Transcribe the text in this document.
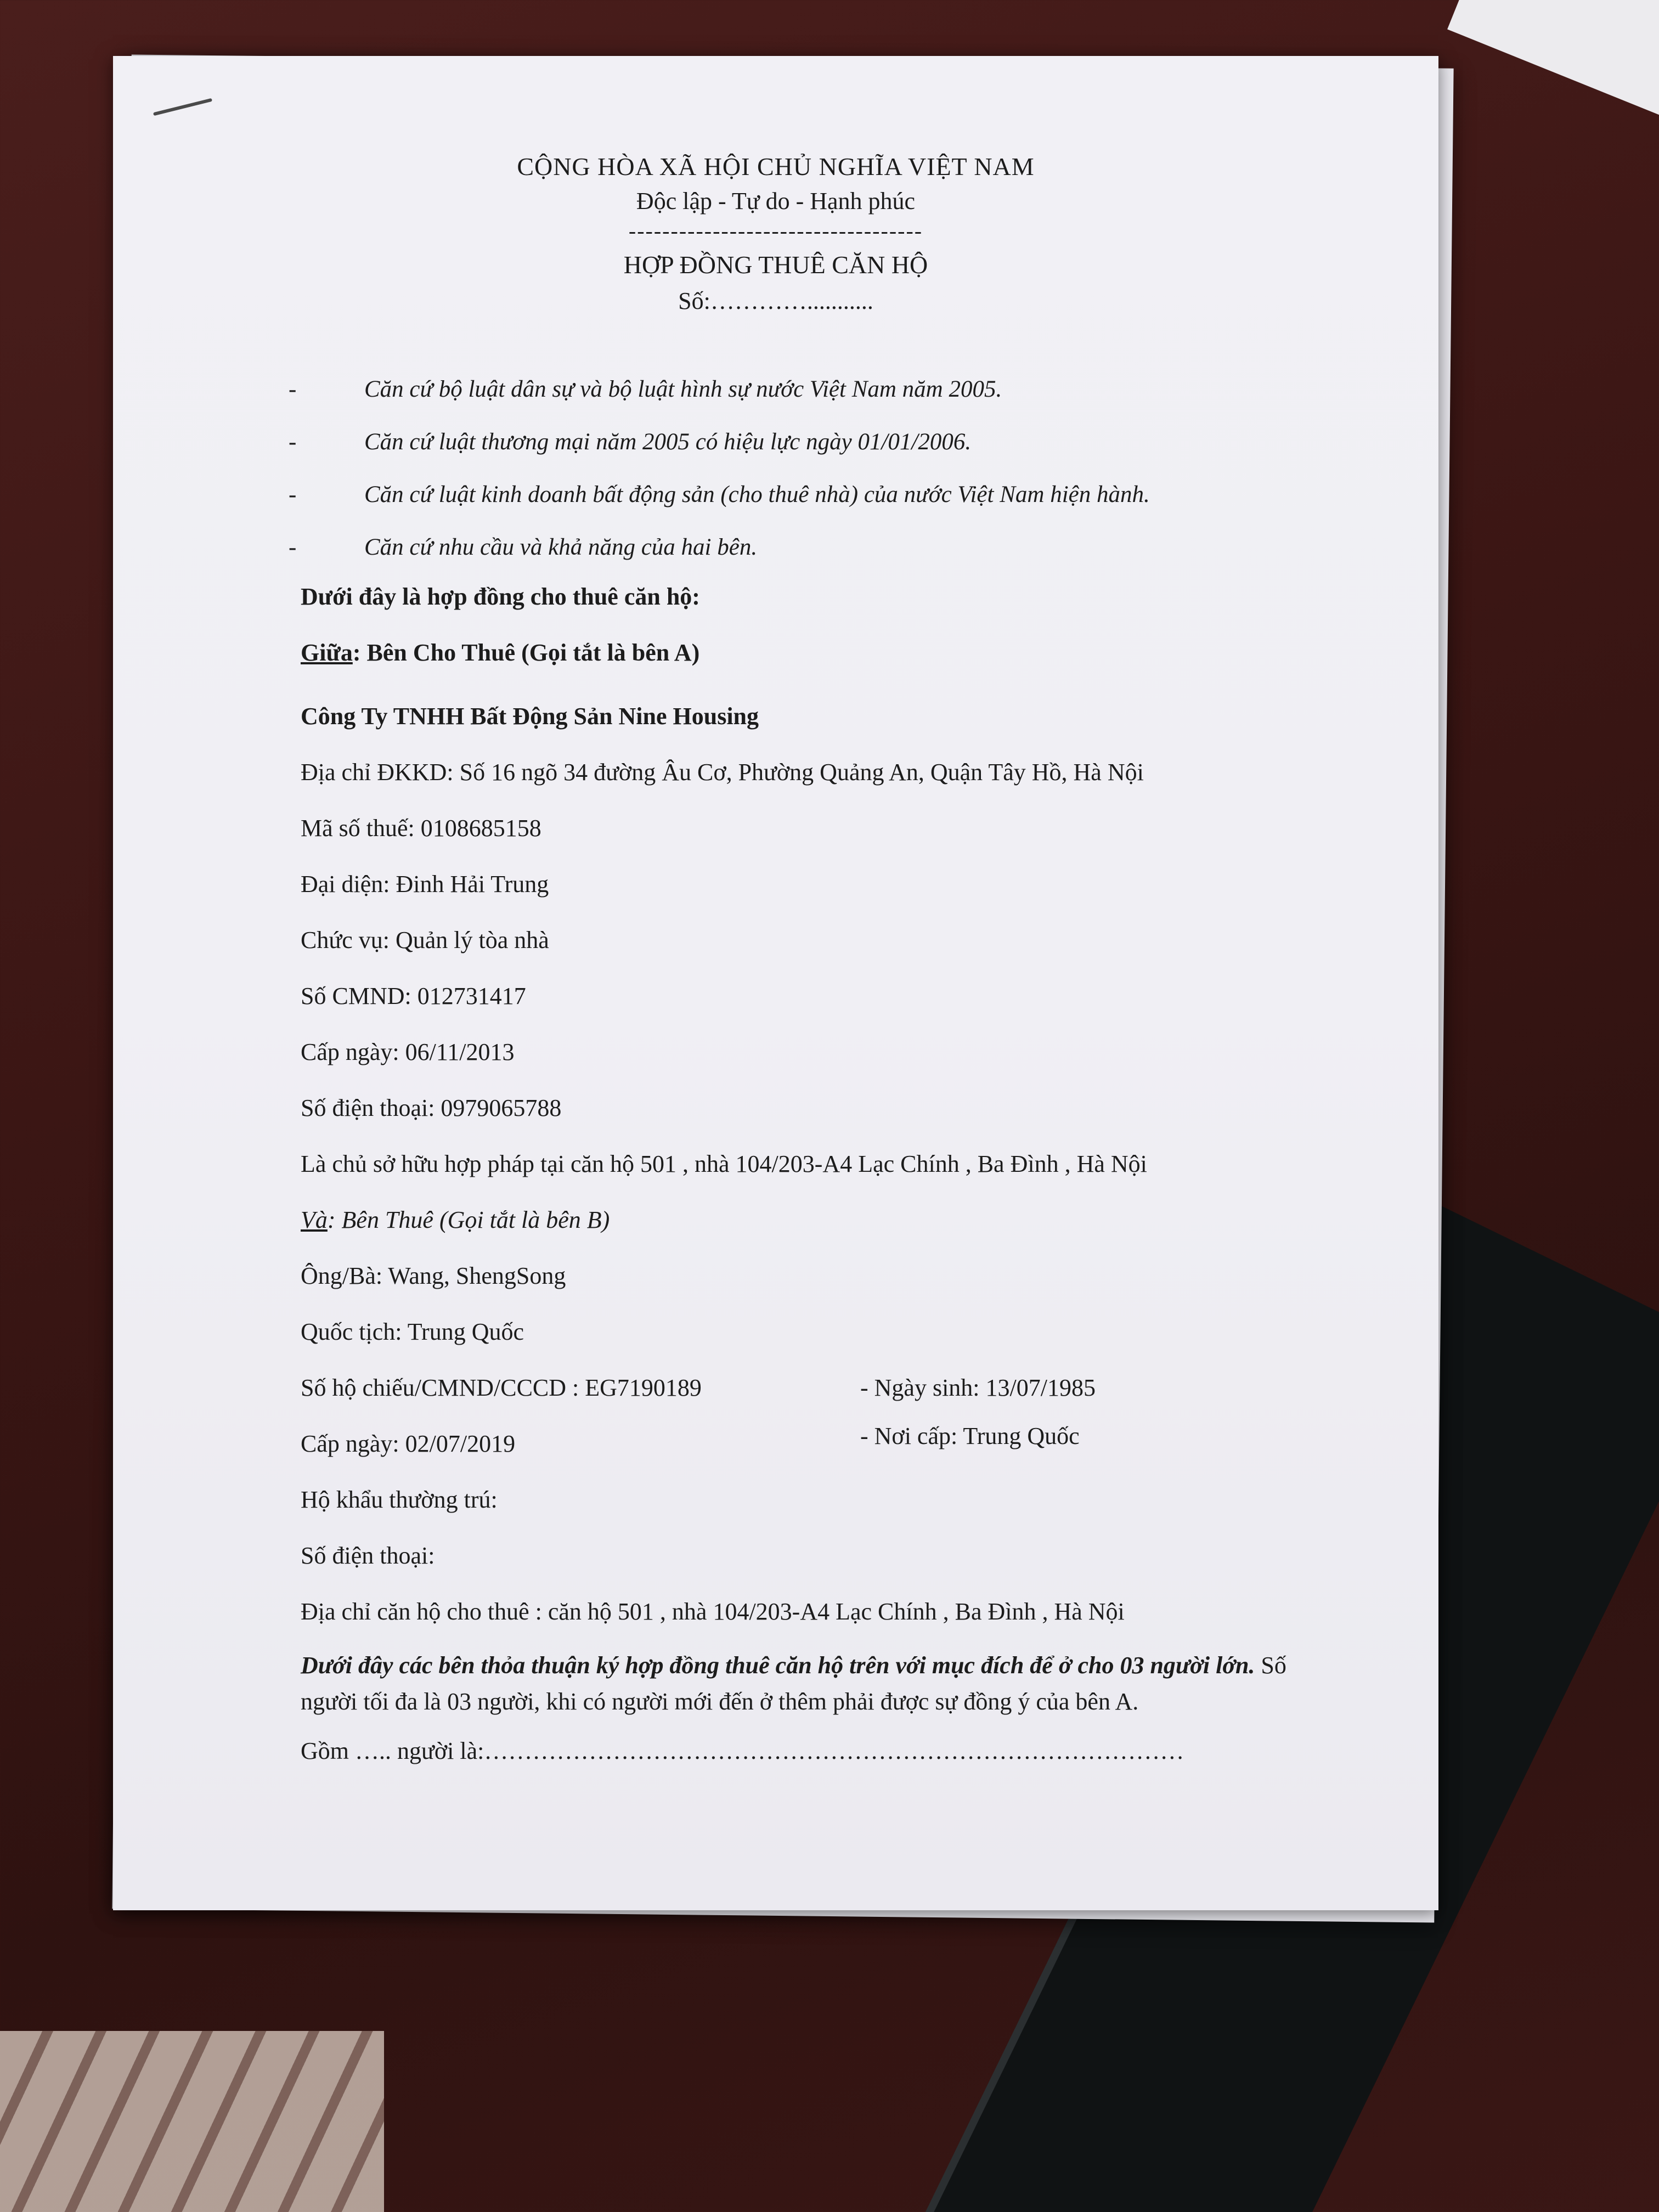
CỘNG HÒA XÃ HỘI CHỦ NGHĨA VIỆT NAM

Độc lập - Tự do - Hạnh phúc

-----------------------------------

HỢP ĐỒNG THUÊ CĂN HỘ

Số:…………...........

-	Căn cứ bộ luật dân sự và bộ luật hình sự nước Việt Nam năm 2005.
-	Căn cứ luật thương mại năm 2005 có hiệu lực ngày 01/01/2006.
-	Căn cứ luật kinh doanh bất động sản (cho thuê nhà) của nước Việt Nam hiện hành.
-	Căn cứ nhu cầu và khả năng của hai bên.
Dưới đây là hợp đồng cho thuê căn hộ:
Giữa: Bên Cho Thuê (Gọi tắt là bên A)
Công Ty TNHH Bất Động Sản Nine Housing
Địa chỉ ĐKKD: Số 16 ngõ 34 đường Âu Cơ, Phường Quảng An, Quận Tây Hồ, Hà Nội
Mã số thuế: 0108685158
Đại diện: Đinh Hải Trung
Chức vụ: Quản lý tòa nhà
Số CMND: 012731417
Cấp ngày: 06/11/2013
Số điện thoại: 0979065788
Là chủ sở hữu hợp pháp tại căn hộ 501 , nhà 104/203-A4 Lạc Chính , Ba Đình , Hà Nội
Và: Bên Thuê (Gọi tắt là bên B)
Ông/Bà: Wang, ShengSong
Quốc tịch: Trung Quốc
Số hộ chiếu/CMND/CCCD : EG7190189	- Ngày sinh: 13/07/1985
Cấp ngày: 02/07/2019	- Nơi cấp: Trung Quốc
Hộ khẩu thường trú:
Số điện thoại:
Địa chỉ căn hộ cho thuê : căn hộ 501 , nhà 104/203-A4 Lạc Chính , Ba Đình , Hà Nội
Dưới đây các bên thỏa thuận ký hợp đồng thuê căn hộ trên với mục đích để ở cho 03 người lớn. Số người tối đa là 03 người, khi có người mới đến ở thêm phải được sự đồng ý của bên A.
Gồm ….. người là:……………………………………………………………………………
